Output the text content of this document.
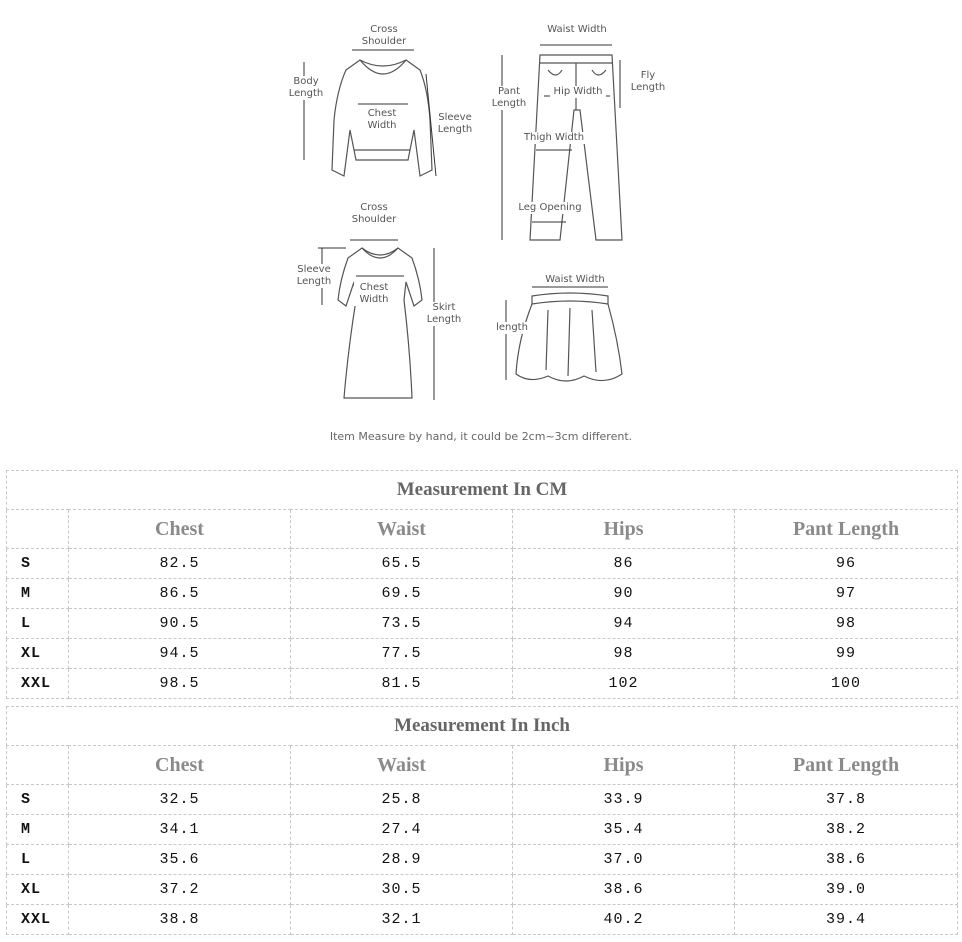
Cross Shoulder
Body Length
Chest Width
Sleeve Length
Waist Width
Pant Length
Hip Width
Fly Length
Thigh Width
Leg Opening
Cross Shoulder
Sleeve Length
Chest Width
Skirt Length
Waist Width
length
Item Measure by hand, it could be 2cm~3cm different.
Measurement In CM				
	Chest	Waist	Hips	Pant Length
S	82.5	65.5	86	96
M	86.5	69.5	90	97
L	90.5	73.5	94	98
XL	94.5	77.5	98	99
XXL	98.5	81.5	102	100
Measurement In Inch				
	Chest	Waist	Hips	Pant Length
S	32.5	25.8	33.9	37.8
M	34.1	27.4	35.4	38.2
L	35.6	28.9	37.0	38.6
XL	37.2	30.5	38.6	39.0
XXL	38.8	32.1	40.2	39.4
